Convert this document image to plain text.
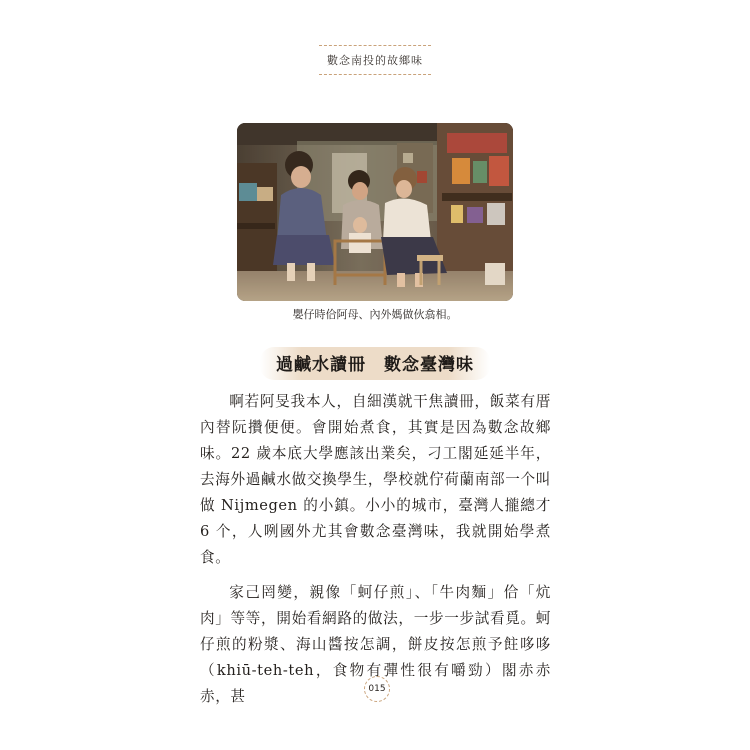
數念南投的故鄉味
嬰仔時佮阿母、內外媽做伙翕相。
過鹹水讀冊　數念臺灣味

啊若阿旻我本人，自細漢就干焦讀冊，飯菜有厝內替阮攢便便。會開始煮食，其實是因為數念故鄉味。22 歲本底大學應該出業矣，刁工閣延延半年，去海外過鹹水做交換學生，學校就佇荷蘭南部一个叫做 Nijmegen 的小鎮。小小的城市，臺灣人攏總才 6 个，人咧國外尤其會數念臺灣味，我就開始學煮食。

家己罔變，親像「蚵仔煎」、「牛肉麵」佮「炕肉」等等，開始看網路的做法，一步一步試看覓。蚵仔煎的粉漿、海山醬按怎調，餅皮按怎煎予飳哆哆（khiū-teh-teh，食物有彈性很有嚼勁）閣赤赤赤，甚	015
